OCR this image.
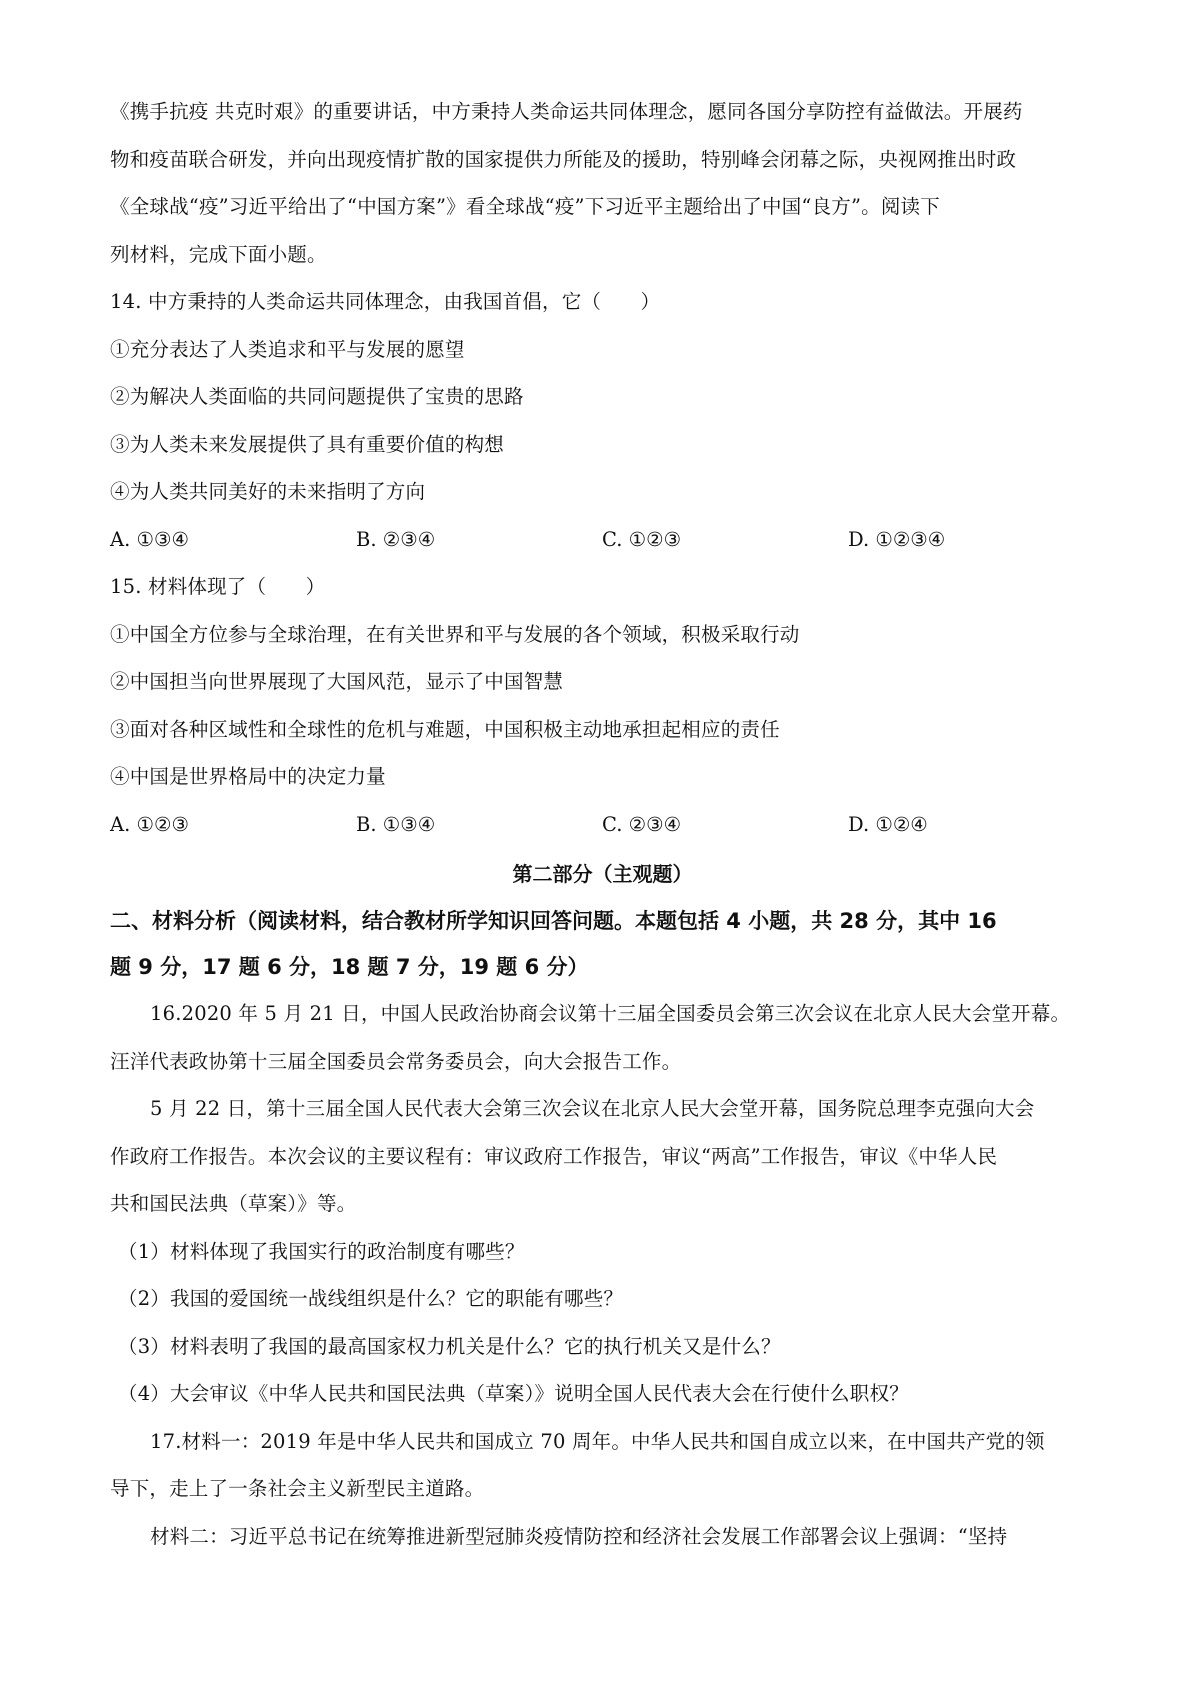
《携手抗疫 共克时艰》的重要讲话，中方秉持人类命运共同体理念，愿同各国分享防控有益做法。开展药
物和疫苗联合研发，并向出现疫情扩散的国家提供力所能及的援助，特别峰会闭幕之际，央视网推出时政
《全球战“疫”习近平给出了“中国方案”》看全球战“疫”下习近平主题给出了中国“良方”。阅读下
列材料，完成下面小题。
14. 中方秉持的人类命运共同体理念，由我国首倡，它（　　）
①充分表达了人类追求和平与发展的愿望
②为解决人类面临的共同问题提供了宝贵的思路
③为人类未来发展提供了具有重要价值的构想
④为人类共同美好的未来指明了方向
A. ①③④	B. ②③④	C. ①②③	D. ①②③④
15. 材料体现了（　　）
①中国全方位参与全球治理，在有关世界和平与发展的各个领域，积极采取行动
②中国担当向世界展现了大国风范，显示了中国智慧
③面对各种区域性和全球性的危机与难题，中国积极主动地承担起相应的责任
④中国是世界格局中的决定力量
A. ①②③	B. ①③④	C. ②③④	D. ①②④
第二部分（主观题）
二、材料分析（阅读材料，结合教材所学知识回答问题。本题包括 4 小题，共 28 分，其中 16
题 9 分，17 题 6 分，18 题 7 分，19 题 6 分）
16.2020 年 5 月 21 日，中国人民政治协商会议第十三届全国委员会第三次会议在北京人民大会堂开幕。
汪洋代表政协第十三届全国委员会常务委员会，向大会报告工作。
5 月 22 日，第十三届全国人民代表大会第三次会议在北京人民大会堂开幕，国务院总理李克强向大会
作政府工作报告。本次会议的主要议程有：审议政府工作报告，审议“两高”工作报告，审议《中华人民
共和国民法典（草案）》等。
（1）材料体现了我国实行的政治制度有哪些？
（2）我国的爱国统一战线组织是什么？它的职能有哪些？
（3）材料表明了我国的最高国家权力机关是什么？它的执行机关又是什么？
（4）大会审议《中华人民共和国民法典（草案）》说明全国人民代表大会在行使什么职权？
17.材料一：2019 年是中华人民共和国成立 70 周年。中华人民共和国自成立以来，在中国共产党的领
导下，走上了一条社会主义新型民主道路。
材料二：习近平总书记在统筹推进新型冠肺炎疫情防控和经济社会发展工作部署会议上强调：“坚持
